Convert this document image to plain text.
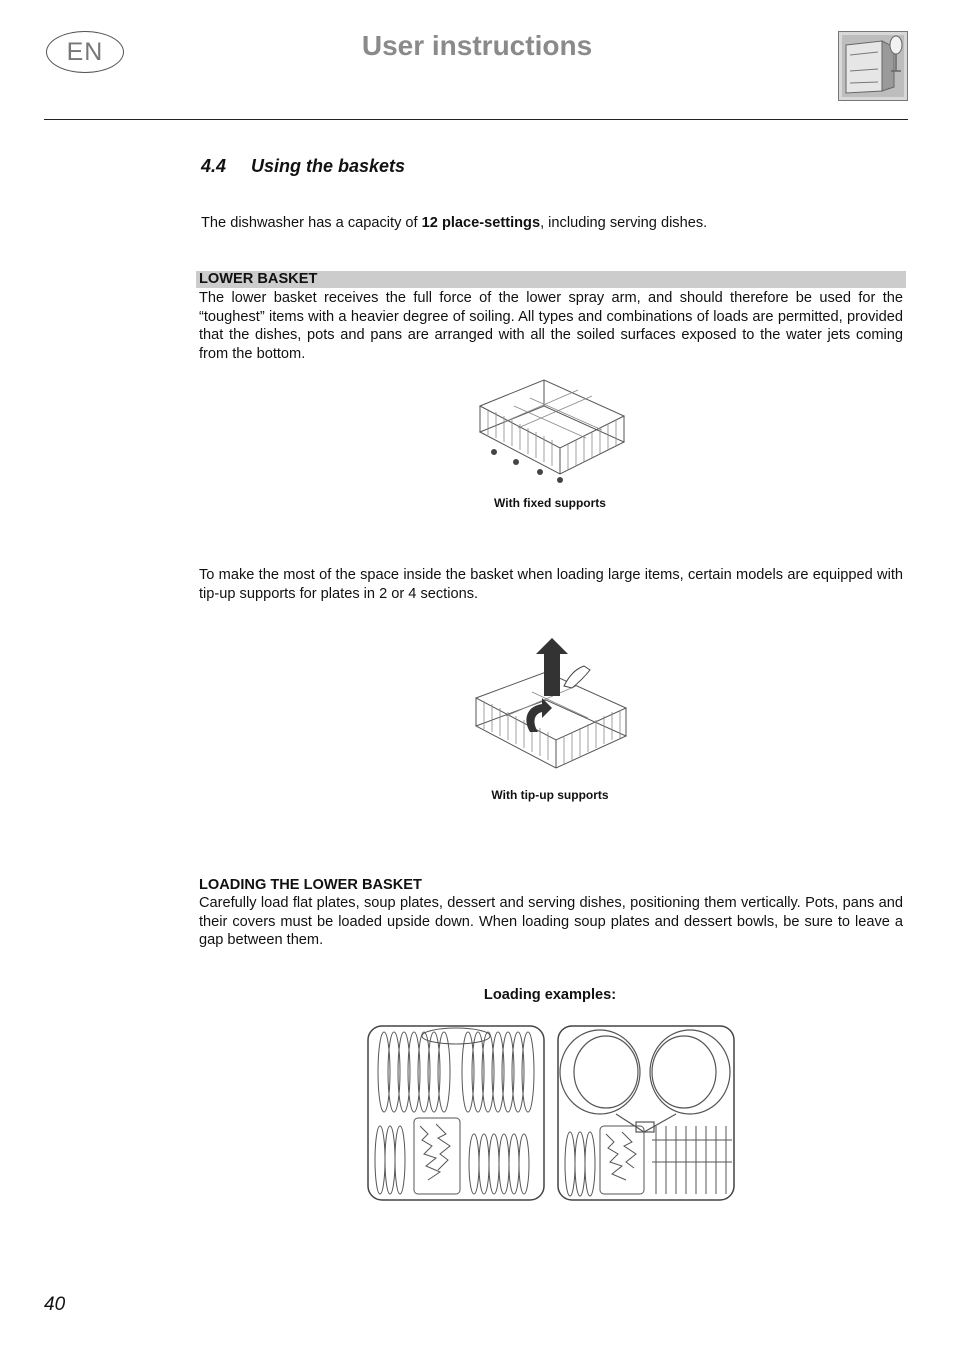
EN	User instructions
4.4 Using the baskets
The dishwasher has a capacity of 12 place-settings, including serving dishes.
LOWER BASKET
The lower basket receives the full force of the lower spray arm, and should therefore be used for the “toughest” items with a heavier degree of soiling. All types and combinations of loads are permitted, provided that the dishes, pots and pans are arranged with all the soiled surfaces exposed to the water jets coming from the bottom.
With fixed supports
To make the most of the space inside the basket when loading large items, certain models are equipped with tip-up supports for plates in 2 or 4 sections.
With tip-up supports
LOADING THE LOWER BASKET
Carefully load flat plates, soup plates, dessert and serving dishes, positioning them vertically. Pots, pans and their covers must be loaded upside down. When loading soup plates and dessert bowls, be sure to leave a gap between them.
Loading examples:
40
